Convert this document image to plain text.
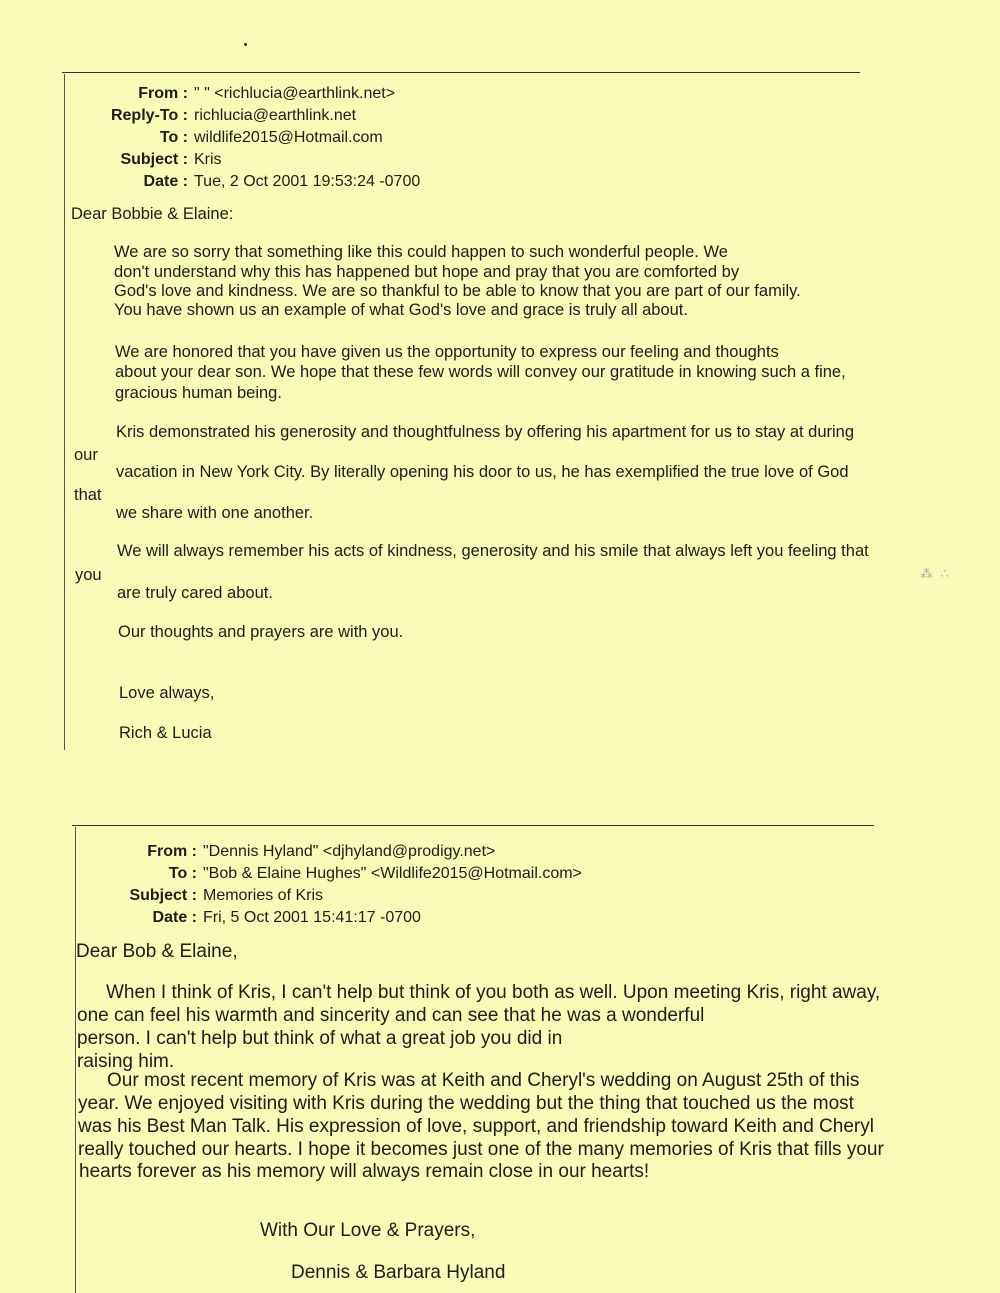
⁂ ∴
From : " " <richlucia@earthlink.net>
Reply-To : richlucia@earthlink.net
To : wildlife2015@Hotmail.com
Subject : Kris
Date : Tue, 2 Oct 2001 19:53:24 -0700
Dear Bobbie & Elaine:
We are so sorry that something like this could happen to such wonderful people. We
don't understand why this has happened but hope and pray that you are comforted by
God's love and kindness. We are so thankful to be able to know that you are part of our family.
You have shown us an example of what God's love and grace is truly all about.
We are honored that you have given us the opportunity to express our feeling and thoughts
about your dear son. We hope that these few words will convey our gratitude in knowing such a fine,
gracious human being.
Kris demonstrated his generosity and thoughtfulness by offering his apartment for us to stay at during
our
vacation in New York City. By literally opening his door to us, he has exemplified the true love of God
that
we share with one another.
We will always remember his acts of kindness, generosity and his smile that always left you feeling that
you
are truly cared about.
Our thoughts and prayers are with you.
Love always,
Rich & Lucia
From : "Dennis Hyland" <djhyland@prodigy.net>
To : "Bob & Elaine Hughes" <Wildlife2015@Hotmail.com>
Subject : Memories of Kris
Date : Fri, 5 Oct 2001 15:41:17 -0700
Dear Bob & Elaine,
When I think of Kris, I can't help but think of you both as well. Upon meeting Kris, right away,
one can feel his warmth and sincerity and can see that he was a wonderful
person. I can't help but think of what a great job you did in
raising him.
Our most recent memory of Kris was at Keith and Cheryl's wedding on August 25th of this
year. We enjoyed visiting with Kris during the wedding but the thing that touched us the most
was his Best Man Talk. His expression of love, support, and friendship toward Keith and Cheryl
really touched our hearts. I hope it becomes just one of the many memories of Kris that fills your
hearts forever as his memory will always remain close in our hearts!
With Our Love & Prayers,
Dennis & Barbara Hyland
